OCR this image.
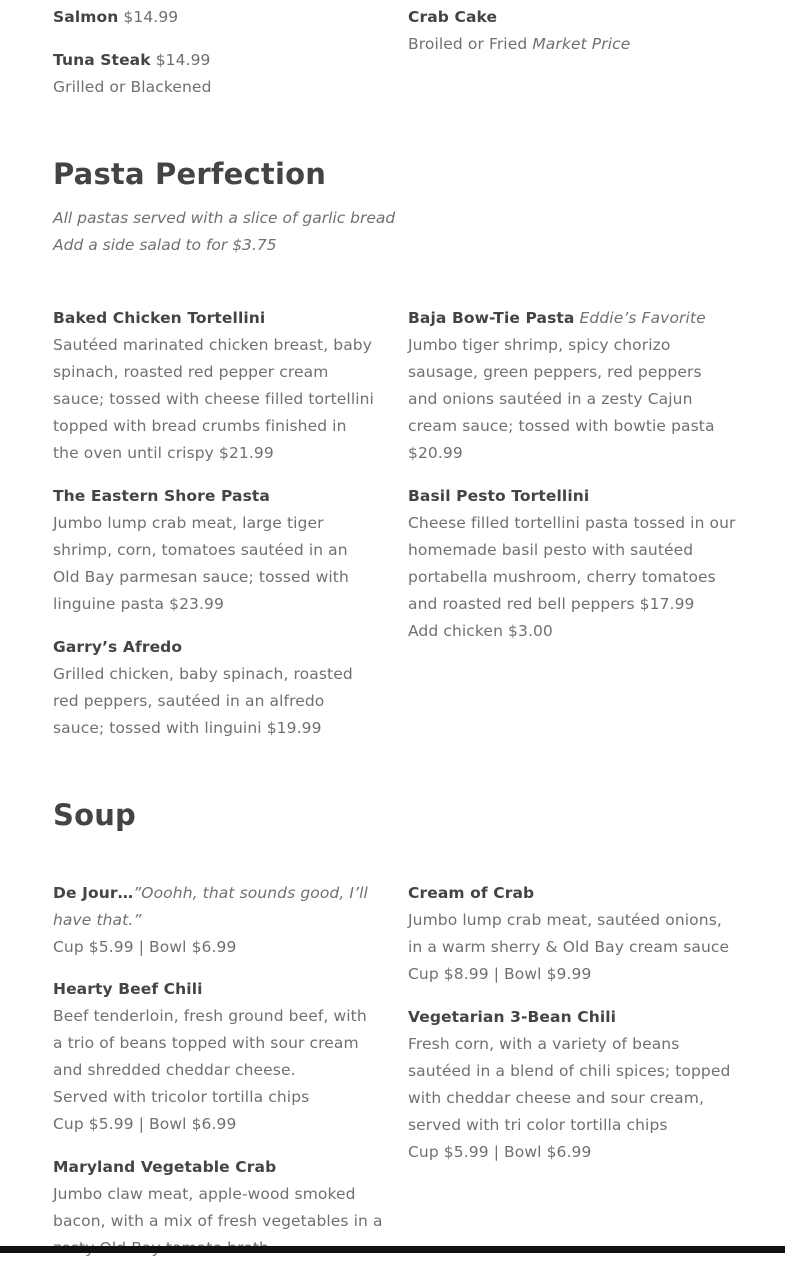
Salmon $14.99
Tuna Steak $14.99
Grilled or Blackened
Crab Cake
Broiled or Fried Market Price
Pasta Perfection
All pastas served with a slice of garlic bread
Add a side salad to for $3.75
Baked Chicken Tortellini
Sautéed marinated chicken breast, baby
spinach, roasted red pepper cream
sauce; tossed with cheese filled tortellini
topped with bread crumbs finished in
the oven until crispy $21.99
Baja Bow-Tie Pasta Eddie’s Favorite
Jumbo tiger shrimp, spicy chorizo
sausage, green peppers, red peppers
and onions sautéed in a zesty Cajun
cream sauce; tossed with bowtie pasta
$20.99
The Eastern Shore Pasta
Jumbo lump crab meat, large tiger
shrimp, corn, tomatoes sautéed in an
Old Bay parmesan sauce; tossed with
linguine pasta $23.99
Basil Pesto Tortellini
Cheese filled tortellini pasta tossed in our
homemade basil pesto with sautéed
portabella mushroom, cherry tomatoes
and roasted red bell peppers $17.99
Add chicken $3.00
Garry’s Afredo
Grilled chicken, baby spinach, roasted
red peppers, sautéed in an alfredo
sauce; tossed with linguini $19.99
Soup
De Jour…”Ooohh, that sounds good, I’ll
have that.”
Cup $5.99 | Bowl $6.99
Cream of Crab
Jumbo lump crab meat, sautéed onions,
in a warm sherry & Old Bay cream sauce
Cup $8.99 | Bowl $9.99
Hearty Beef Chili
Beef tenderloin, fresh ground beef, with
a trio of beans topped with sour cream
and shredded cheddar cheese.
Served with tricolor tortilla chips
Cup $5.99 | Bowl $6.99
Vegetarian 3-Bean Chili
Fresh corn, with a variety of beans
sautéed in a blend of chili spices; topped
with cheddar cheese and sour cream,
served with tri color tortilla chips
Cup $5.99 | Bowl $6.99
Maryland Vegetable Crab
Jumbo claw meat, apple-wood smoked
bacon, with a mix of fresh vegetables in a
